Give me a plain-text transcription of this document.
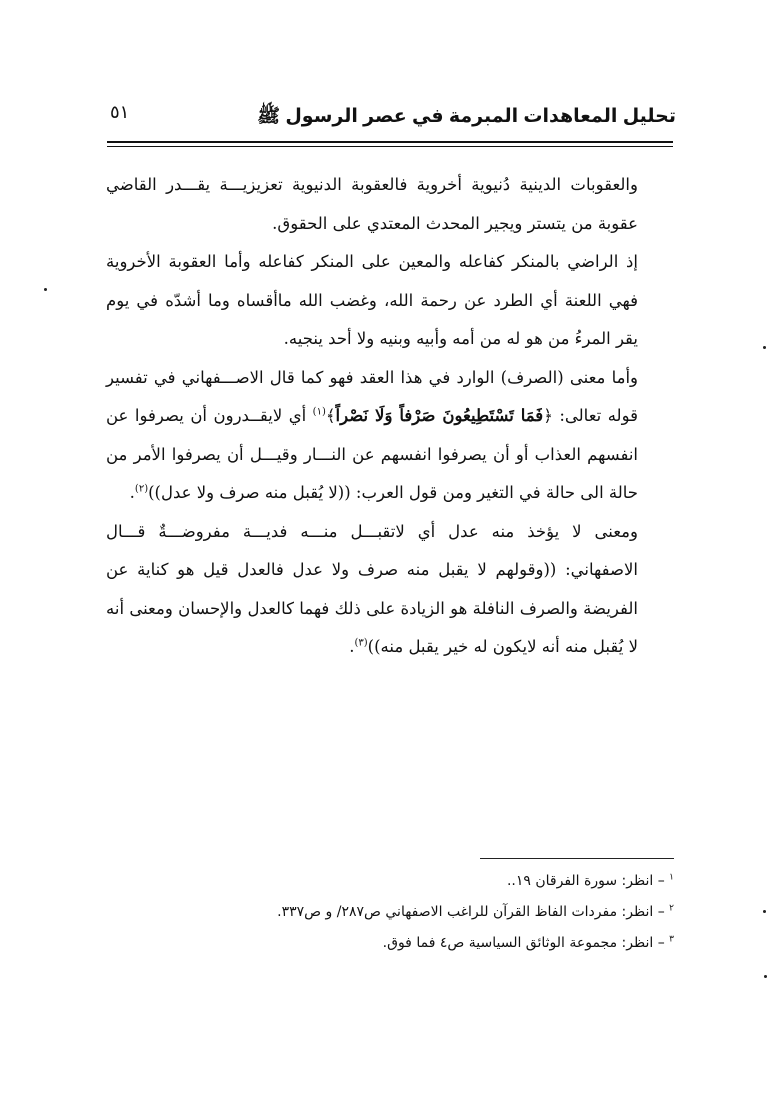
تحليل المعاهدات المبرمة في عصر الرسول ﷺ
٥١

والعقوبات الدينية دُنيوية أخروية فالعقوبة الدنيوية تعزيزيـــة يقـــدر القاضي عقوبة من يتستر ويجير المحدث المعتدي على الحقوق.

إذ الراضي بالمنكر كفاعله والمعين على المنكر كفاعله وأما العقوبة الأخروية فهي اللعنة أي الطرد عن رحمة الله، وغضب الله ماأقساه وما أشدّه في يوم يقر المرءُ من هو له من أمه وأبيه وبنيه ولا أحد ينجيه.

وأما معنى (الصرف) الوارد في هذا العقد فهو كما قال الاصـــفهاني في تفسير قوله تعالى: ﴿فَمَا تَسْتَطِيعُونَ صَرْفاً وَلَا نَصْراً﴾$^{(١)}$ أي لايقــدرون أن يصرفوا عن انفسهم العذاب أو أن يصرفوا انفسهم عن النـــار وقيـــل أن يصرفوا الأمر من حالة الى حالة في التغير ومن قول العرب: ((لا يُقبل منه صرف ولا عدل))$^{(٢)}$.

ومعنى لا يؤخذ منه عدل أي لاتقبـــل منـــه فديـــة مفروضـــةٌ قـــال الاصفهاني: ((وقولهم لا يقبل منه صرف ولا عدل فالعدل قيل هو كناية عن الفريضة والصرف النافلة هو الزيادة على ذلك فهما كالعدل والإحسان ومعنى أنه لا يُقبل منه أنه لايكون له خير يقبل منه))$^{(٣)}$.

$^١$ – انظر: سورة الفرقان ١٩..
$^٢$ – انظر: مفردات الفاظ القرآن للراغب الاصفهاني ص٢٨٧/ و ص٣٣٧.
$^٣$ – انظر: مجموعة الوثائق السياسية ص٤ فما فوق.
